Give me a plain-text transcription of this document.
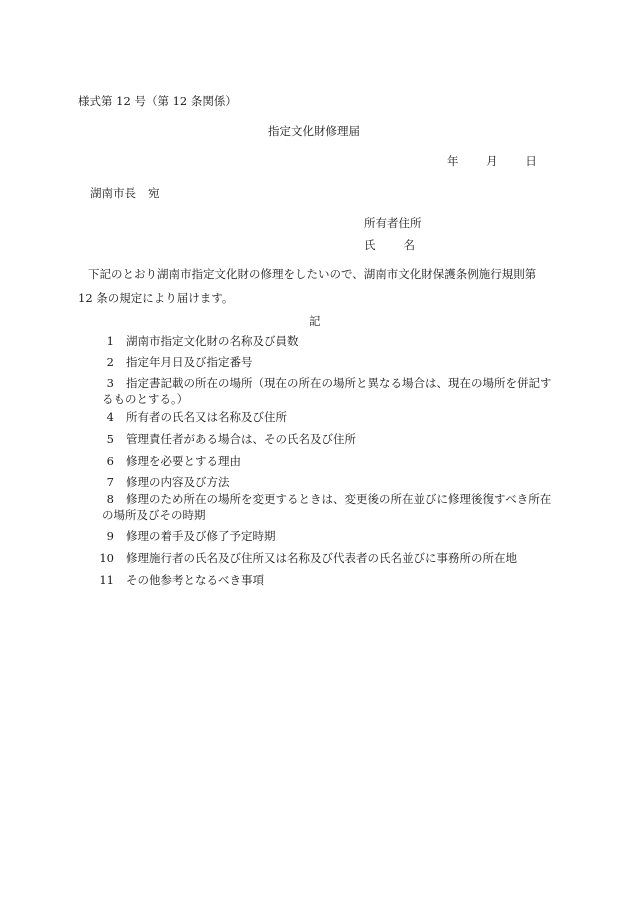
様式第 12 号（第 12 条関係）
指定文化財修理届
年 月 日
湖南市長 宛
所有者住所
氏 名
下記のとおり湖南市指定文化財の修理をしたいので、湖南市文化財保護条例施行規則第
12 条の規定により届けます。
記
1 湖南市指定文化財の名称及び員数
2 指定年月日及び指定番号
3 指定書記載の所在の場所（現在の所在の場所と異なる場合は、現在の場所を併記す
るものとする。）
4 所有者の氏名又は名称及び住所
5 管理責任者がある場合は、その氏名及び住所
6 修理を必要とする理由
7 修理の内容及び方法
8 修理のため所在の場所を変更するときは、変更後の所在並びに修理後復すべき所在
の場所及びその時期
9 修理の着手及び修了予定時期
10 修理施行者の氏名及び住所又は名称及び代表者の氏名並びに事務所の所在地
11 その他参考となるべき事項
